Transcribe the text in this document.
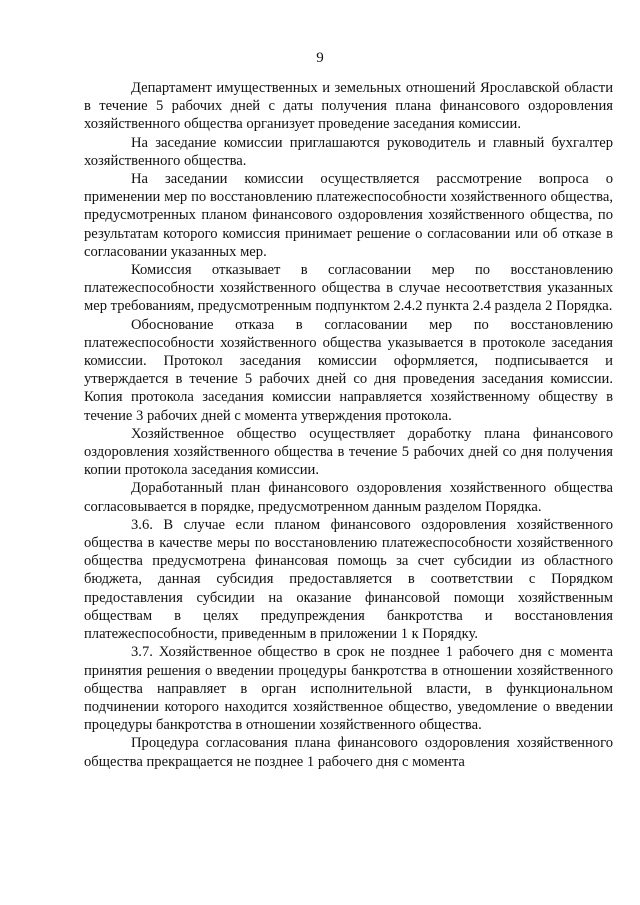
9

Департамент имущественных и земельных отношений Ярославской области в течение 5 рабочих дней с даты получения плана финансового оздоровления хозяйственного общества организует проведение заседания комиссии.

На заседание комиссии приглашаются руководитель и главный бухгалтер хозяйственного общества.

На заседании комиссии осуществляется рассмотрение вопроса о применении мер по восстановлению платежеспособности хозяйственного общества, предусмотренных планом финансового оздоровления хозяйственного общества, по результатам которого комиссия принимает решение о согласовании или об отказе в согласовании указанных мер.

Комиссия отказывает в согласовании мер по восстановлению платежеспособности хозяйственного общества в случае несоответствия указанных мер требованиям, предусмотренным подпунктом 2.4.2 пункта 2.4 раздела 2 Порядка.

Обоснование отказа в согласовании мер по восстановлению платежеспособности хозяйственного общества указывается в протоколе заседания комиссии. Протокол заседания комиссии оформляется, подписывается и утверждается в течение 5 рабочих дней со дня проведения заседания комиссии. Копия протокола заседания комиссии направляется хозяйственному обществу в течение 3 рабочих дней с момента утверждения протокола.

Хозяйственное общество осуществляет доработку плана финансового оздоровления хозяйственного общества в течение 5 рабочих дней со дня получения копии протокола заседания комиссии.

Доработанный план финансового оздоровления хозяйственного общества согласовывается в порядке, предусмотренном данным разделом Порядка.

3.6. В случае если планом финансового оздоровления хозяйственного общества в качестве меры по восстановлению платежеспособности хозяйственного общества предусмотрена финансовая помощь за счет субсидии из областного бюджета, данная субсидия предоставляется в соответствии с Порядком предоставления субсидии на оказание финансовой помощи хозяйственным обществам в целях предупреждения банкротства и восстановления платежеспособности, приведенным в приложении 1 к Порядку.

3.7. Хозяйственное общество в срок не позднее 1 рабочего дня с момента принятия решения о введении процедуры банкротства в отношении хозяйственного общества направляет в орган исполнительной власти, в функциональном подчинении которого находится хозяйственное общество, уведомление о введении процедуры банкротства в отношении хозяйственного общества.

Процедура согласования плана финансового оздоровления хозяйственного общества прекращается не позднее 1 рабочего дня с момента
